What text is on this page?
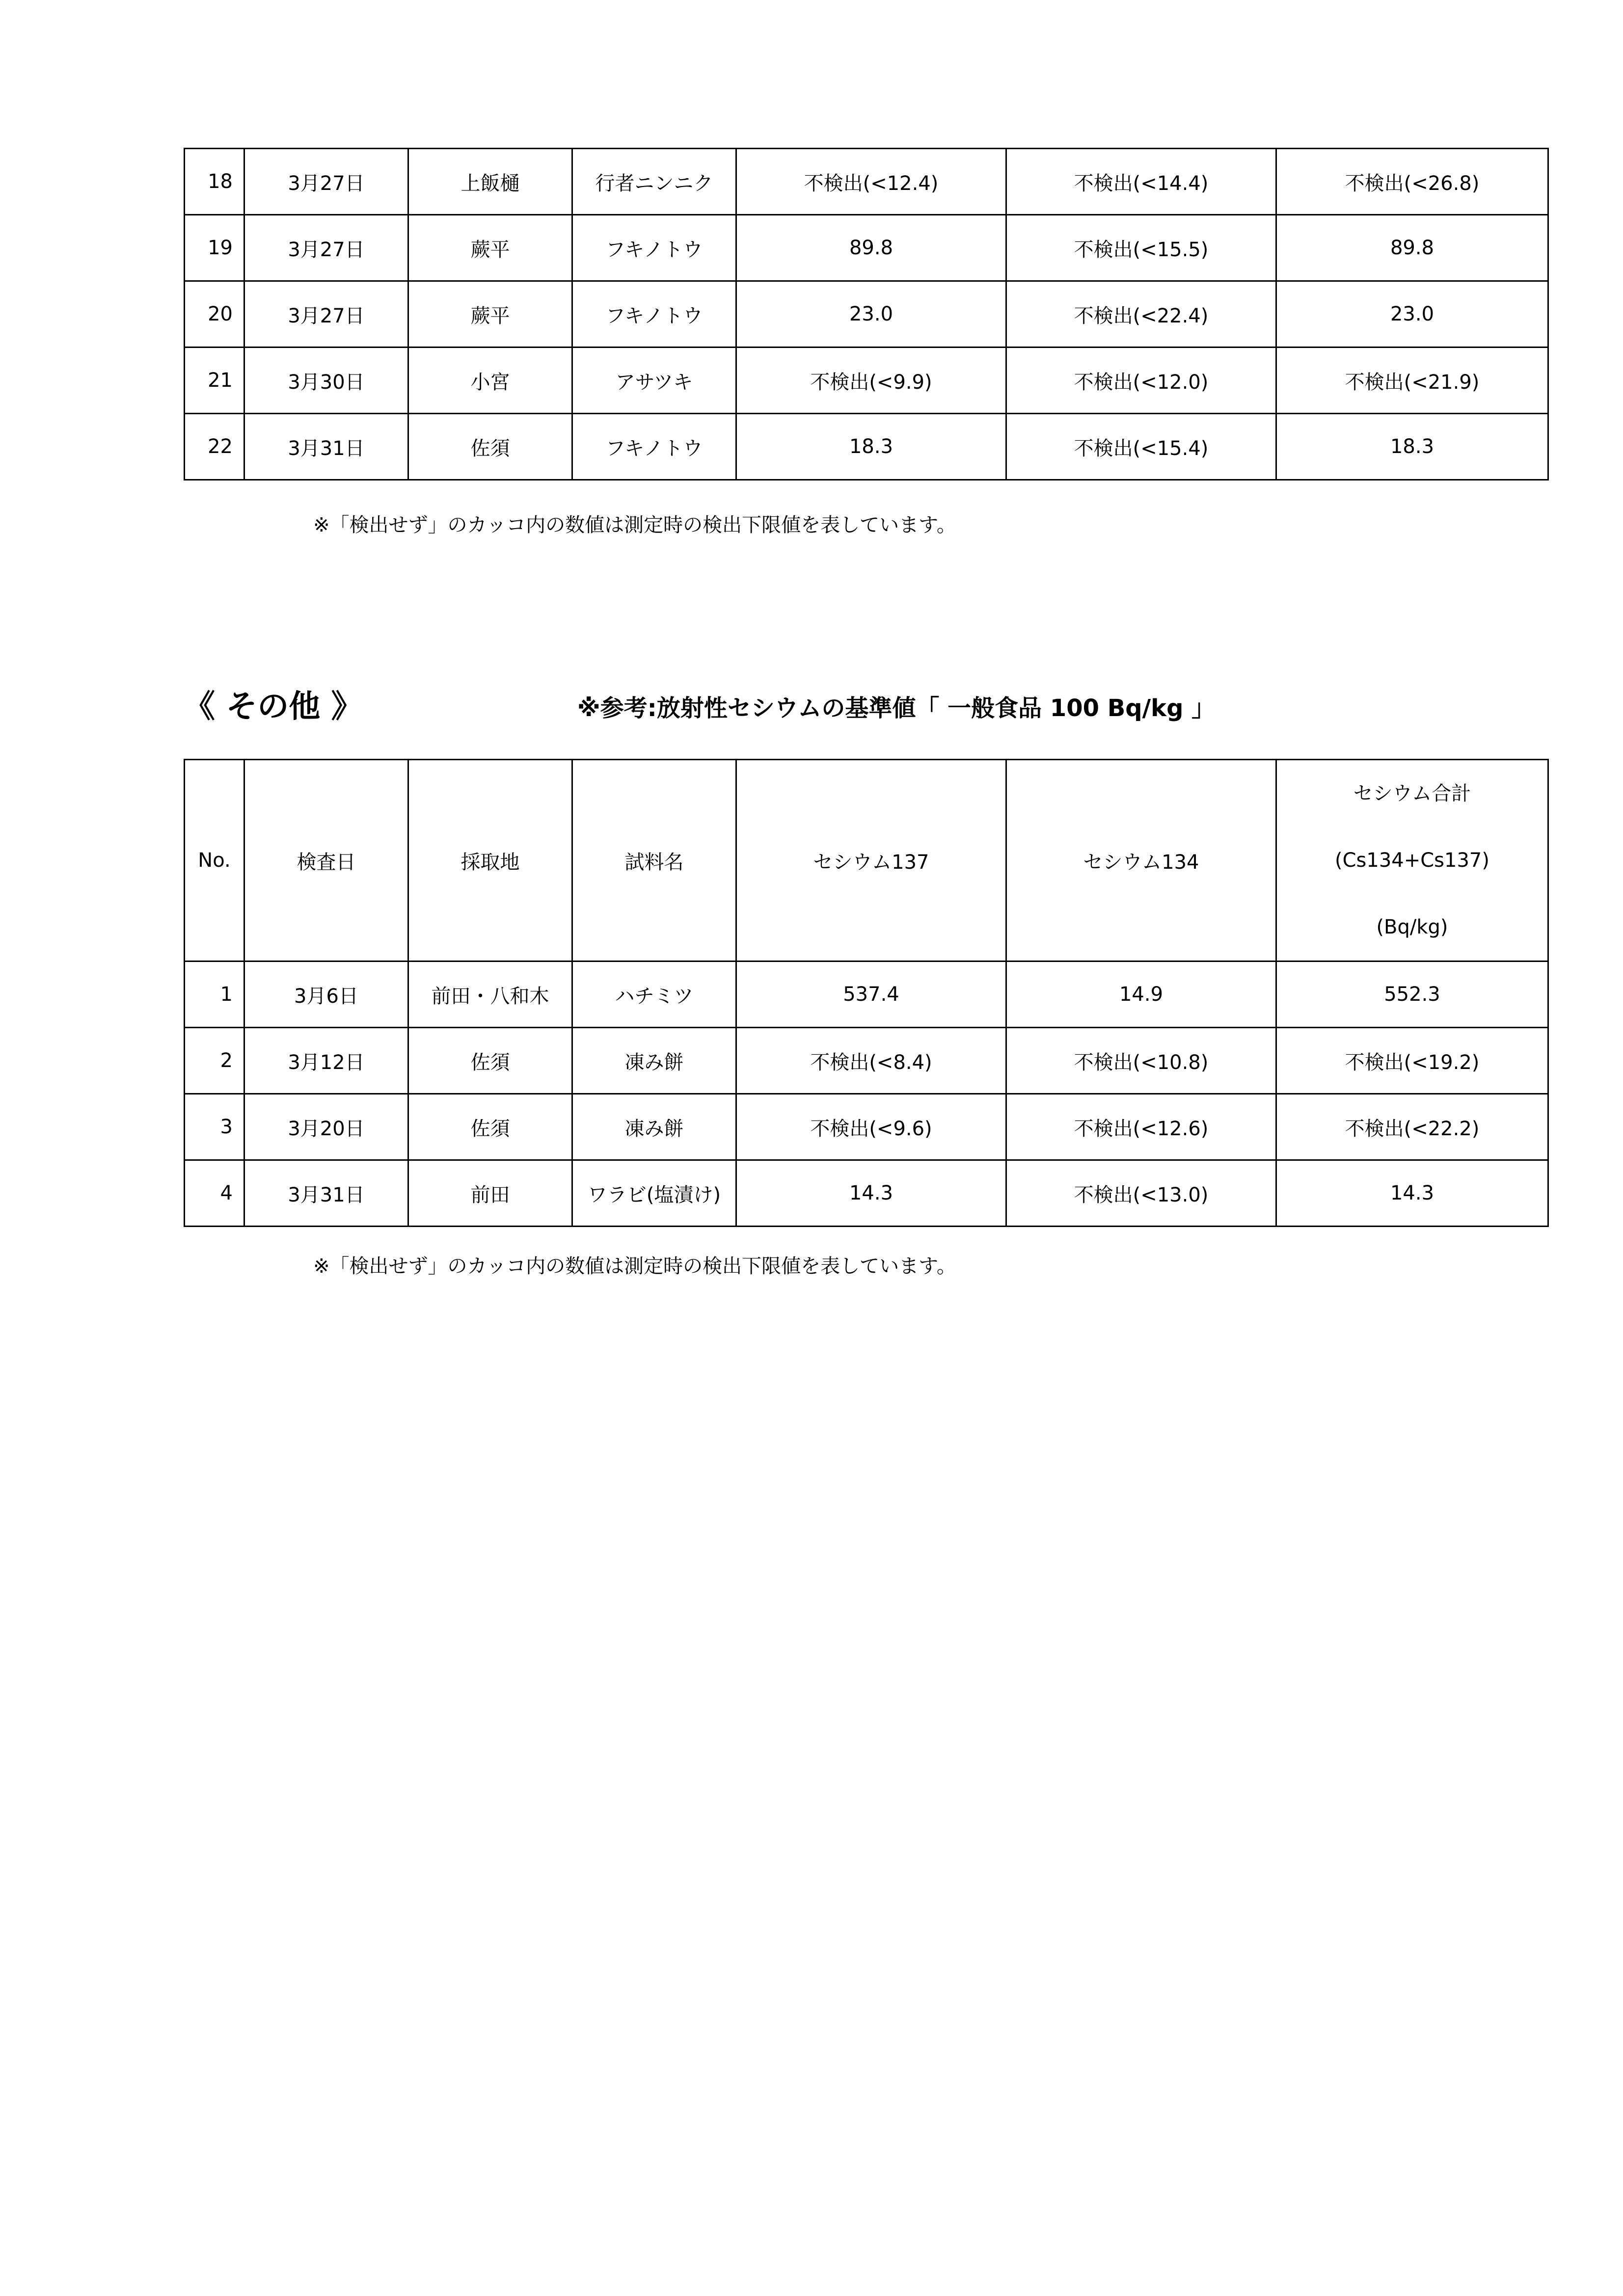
18	3月27日	上飯樋	行者ニンニク	不検出(<12.4)	不検出(<14.4)	不検出(<26.8)
19	3月27日	蕨平	フキノトウ	89.8	不検出(<15.5)	89.8
20	3月27日	蕨平	フキノトウ	23.0	不検出(<22.4)	23.0
21	3月30日	小宮	アサツキ	不検出(<9.9)	不検出(<12.0)	不検出(<21.9)
22	3月31日	佐須	フキノトウ	18.3	不検出(<15.4)	18.3
※「検出せず」のカッコ内の数値は測定時の検出下限値を表しています。
《 その他 》	※参考:放射性セシウムの基準値「 一般食品 100 Bq/kg 」
No.	検査日	採取地	試料名	セシウム137	セシウム134	セシウム合計
(Cs134+Cs137)
(Bq/kg)

1	3月6日	前田・八和木	ハチミツ	537.4	14.9	552.3
2	3月12日	佐須	凍み餅	不検出(<8.4)	不検出(<10.8)	不検出(<19.2)
3	3月20日	佐須	凍み餅	不検出(<9.6)	不検出(<12.6)	不検出(<22.2)
4	3月31日	前田	ワラビ(塩漬け)	14.3	不検出(<13.0)	14.3
※「検出せず」のカッコ内の数値は測定時の検出下限値を表しています。
